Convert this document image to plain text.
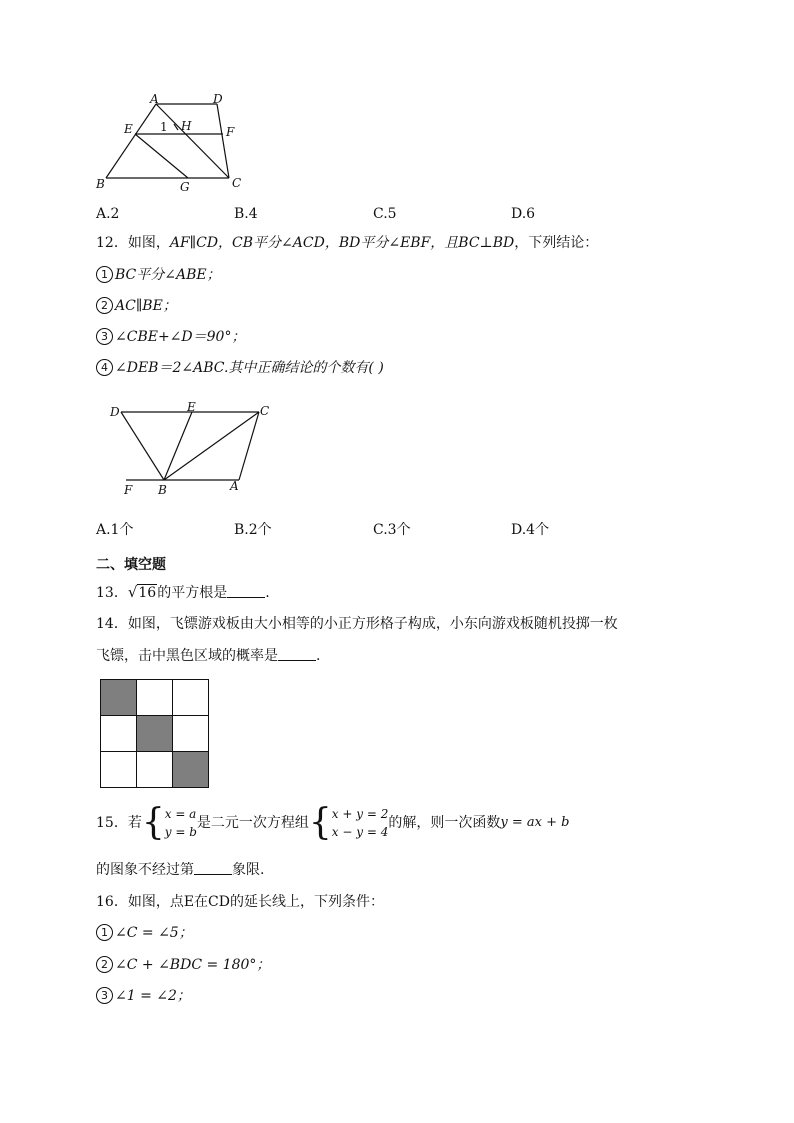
A	D
E 1 H	F
B	G	C
A.2	B.4	C.5	D.6
12．如图，AF∥CD，CB平分∠ACD，BD平分∠EBF，且BC⊥BD，下列结论：
1 BC平分∠ABE；
2 AC∥BE；
3 ∠CBE+∠D＝90°；
4 ∠DEB＝2∠ABC.其中正确结论的个数有( )
D	E	C
F B	A
A.1个	B.2个	C.3个	D.4个
二、填空题
13．√16的平方根是	.
14．如图，飞镖游戏板由大小相等的小正方形格子构成，小东向游戏板随机投掷一枚
飞镖，击中黑色区域的概率是	.
15．若{x = a
y = b是二元一次方程组{x + y = 2
x − y = 4的解，则一次函数y = ax + b
的图象不经过第	象限.
16．如图，点E在CD的延长线上，下列条件：
1 ∠C = ∠5；
2 ∠C + ∠BDC = 180°；
3 ∠1 = ∠2；
